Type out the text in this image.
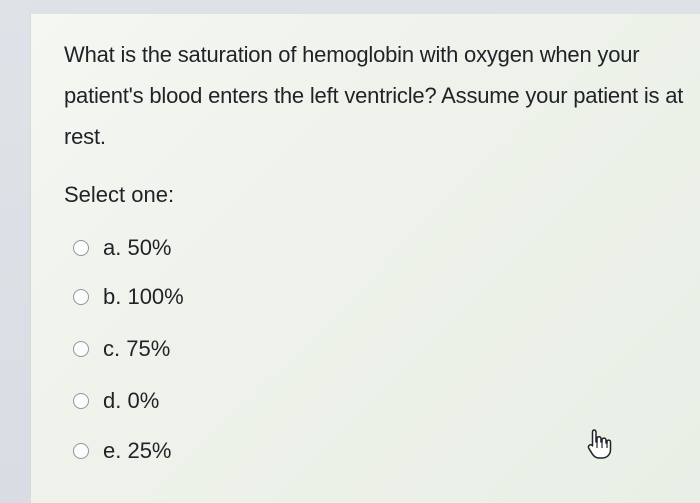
What is the saturation of hemoglobin with oxygen when your patient's blood enters the left ventricle? Assume your patient is at rest.

Select one:
a. 50%
b. 100%
c. 75%
d. 0%
e. 25%
